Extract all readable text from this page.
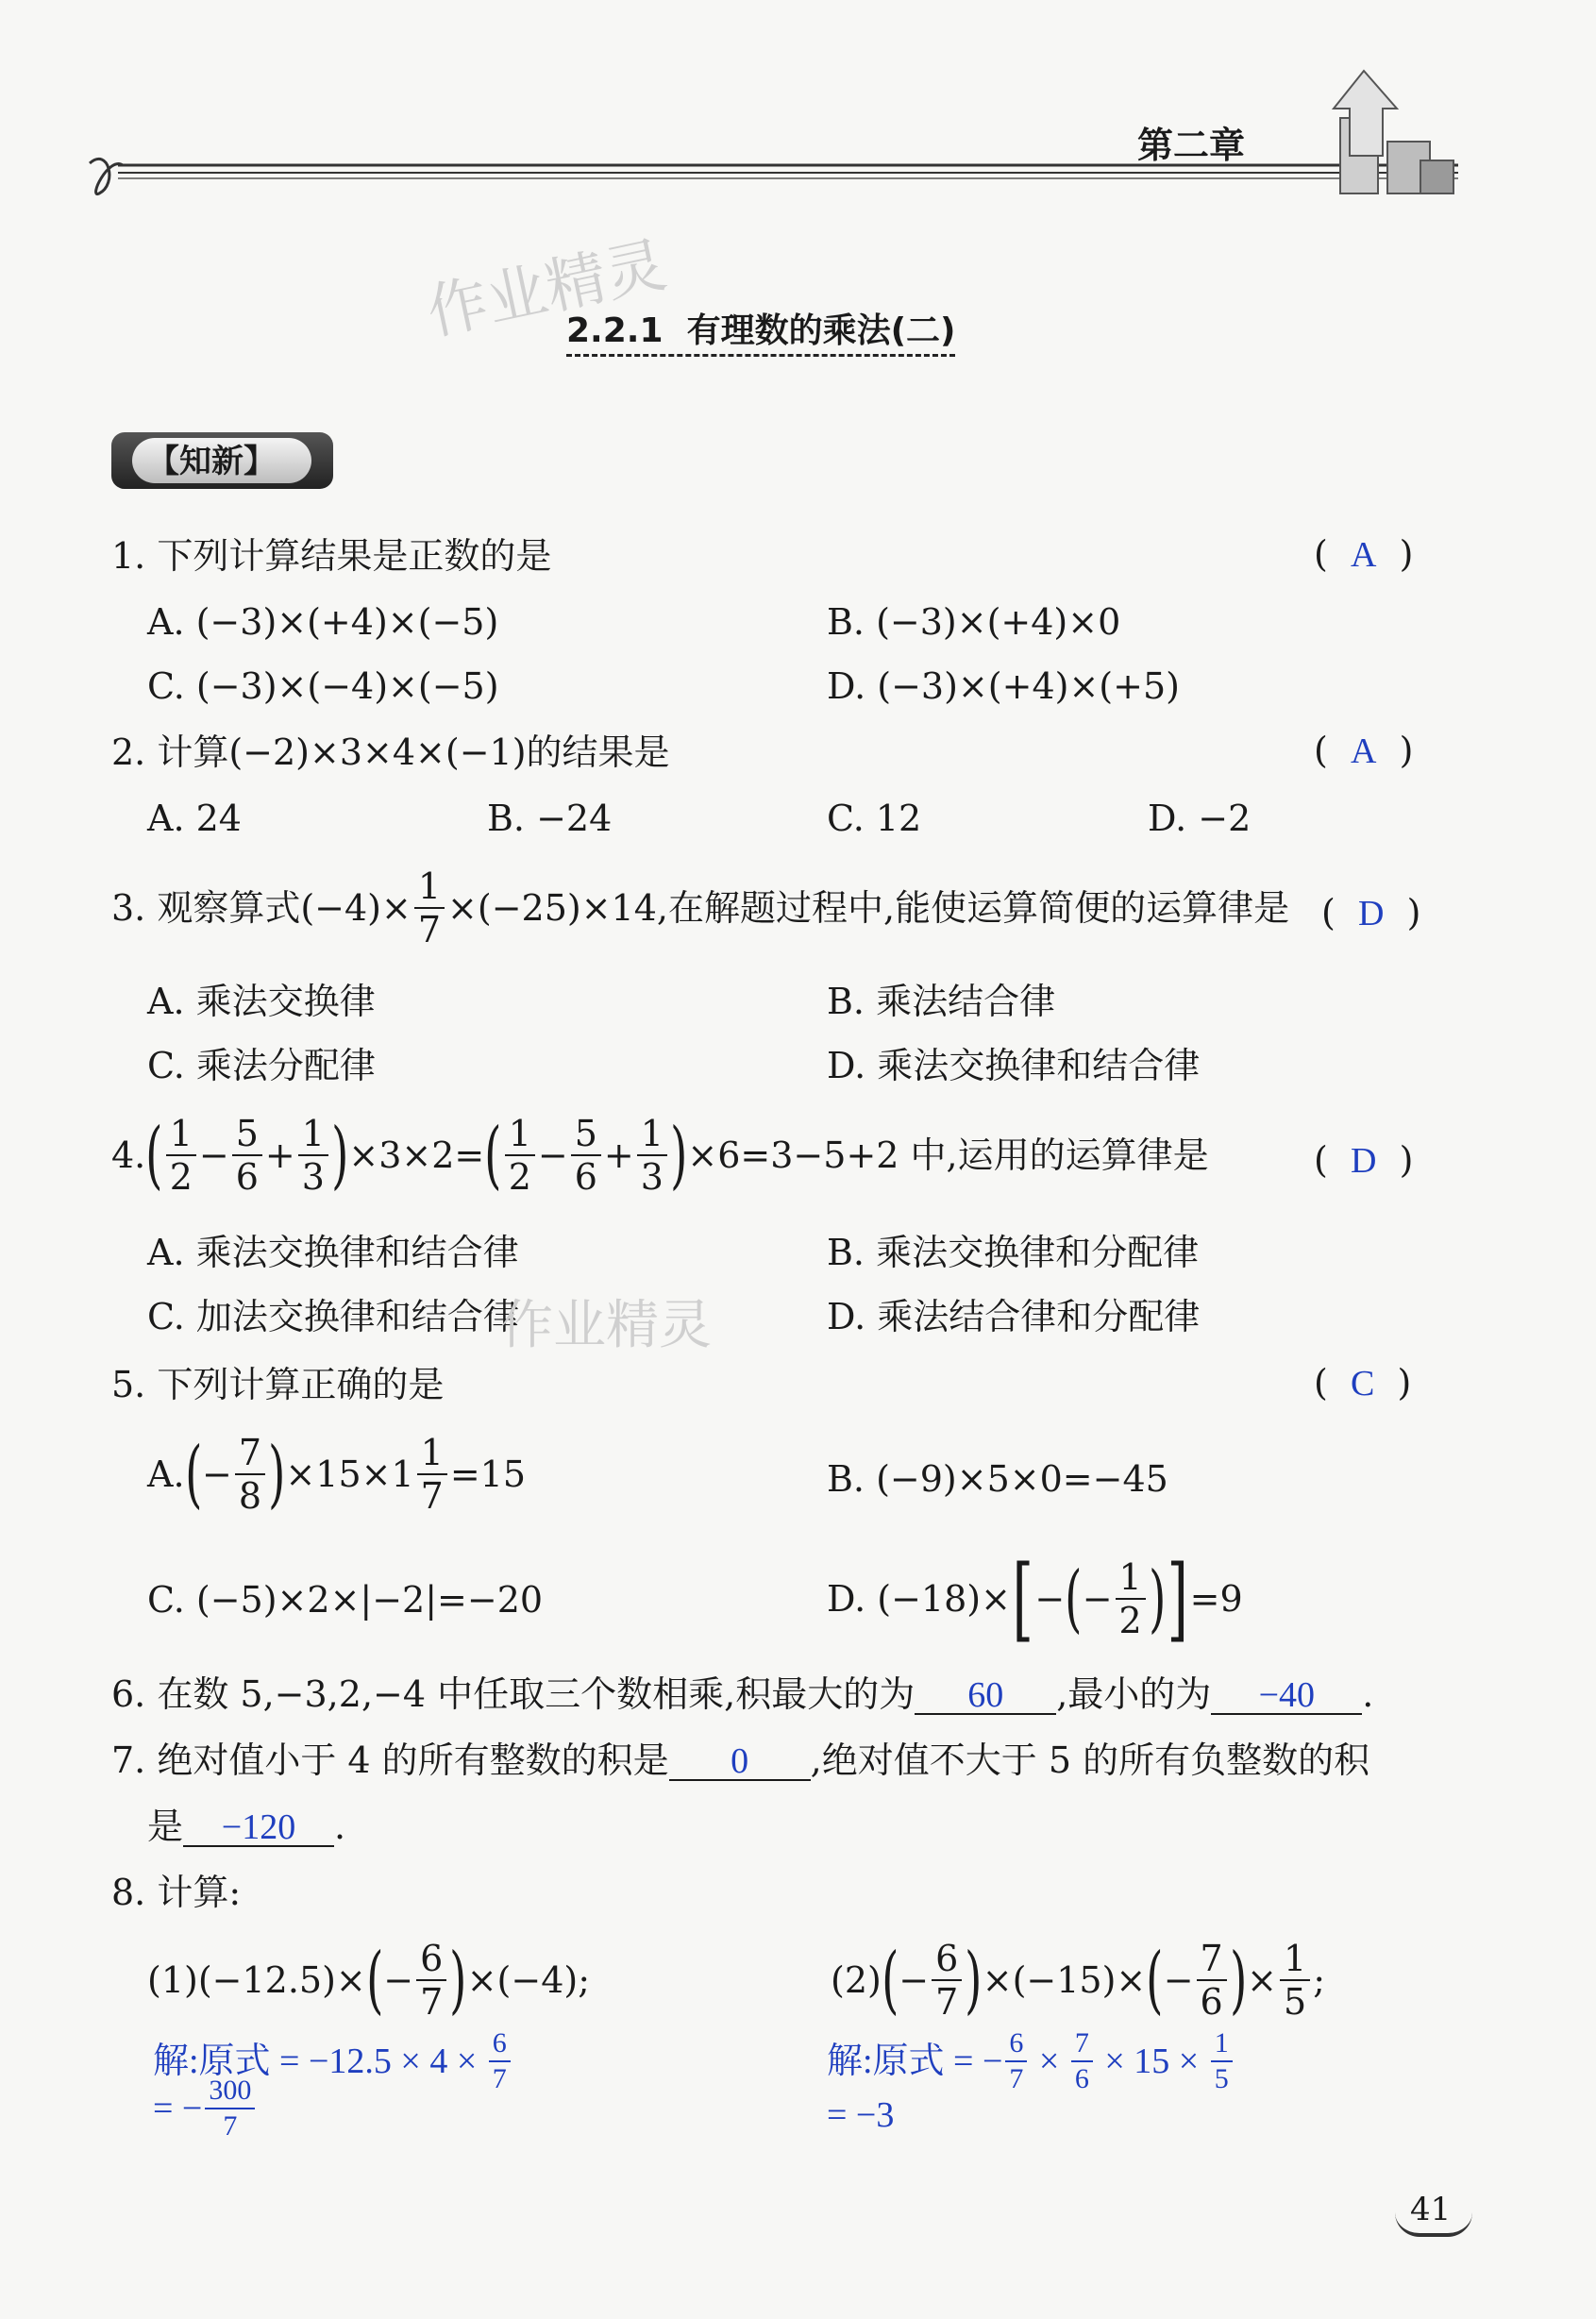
第二章
作业精灵
2.2.1  有理数的乘法(二)
【知新】
1. 下列计算结果是正数的是	(  A  )
A. (−3)×(+4)×(−5)	B. (−3)×(+4)×0
C. (−3)×(−4)×(−5)	D. (−3)×(+4)×(+5)
2. 计算(−2)×3×4×(−1)的结果是	(  A  )
A. 24	B. −24	C. 12	D. −2
3. 观察算式$(-4)\times \frac{1}{7} \times(-25)\times 14$,在解题过程中,能使运算简便的运算律是 (  D  )
A. 乘法交换律	B. 乘法结合律
C. 乘法分配律	D. 乘法交换律和结合律
4. ( $\frac{1}{2} - \frac{5}{6} + \frac{1}{3}$ ) ×3×2= ( $\frac{1}{2} - \frac{5}{6} + \frac{1}{3}$ ) ×6=3−5+2 中,运用的运算律是	(  D  )
A. 乘法交换律和结合律	B. 乘法交换律和分配律
C. 加法交换律和结合律	D. 乘法结合律和分配律
作业精灵
5. 下列计算正确的是	(  C  )
A. ( − $\frac{7}{8}$ ) $\times 15\times 1 \frac{1}{7} =15$	B. (−9)×5×0=−45
C. (−5)×2×|−2|=−20	D. (−18)× [ − ( − $\frac{1}{2}$ ) ] =9
6. 在数 5,−3,2,−4 中任取三个数相乘,积最大的为 60 ,最小的为 −40 .
7. 绝对值小于 4 的所有整数的积是 0 ,绝对值不大于 5 的所有负整数的积
是 −120 .
8. 计算:
(1)(−12.5)× ( − $\frac{6}{7}$ ) ×(−4);	(2) ( − $\frac{6}{7}$ ) ×(−15)× ( − $\frac{7}{6}$ ) × $\frac{1}{5}$ ;
解:原式 = $-12.5 \times 4 \times \frac{6}{7}$
= − $\frac{300}{7}$
解:原式 = − $\frac{6}{7} \times \frac{7}{6} \times 15 \times \frac{1}{5}$
= −3
41
